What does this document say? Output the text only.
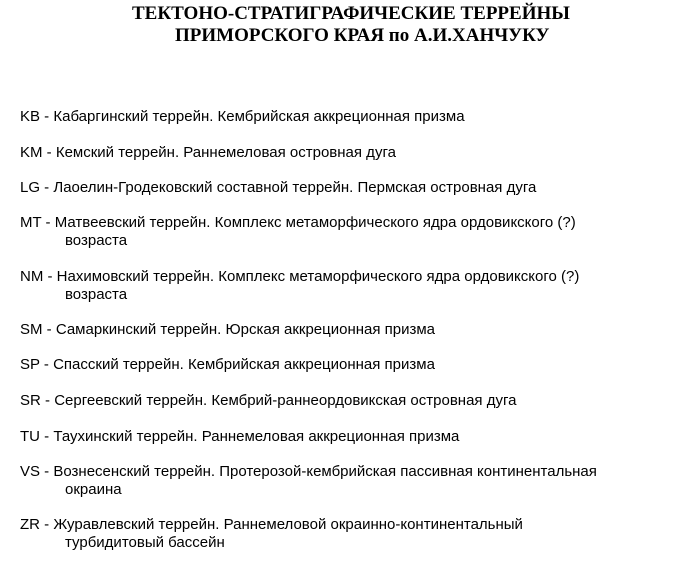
ТЕКТОНО-СТРАТИГРАФИЧЕСКИЕ ТЕРРЕЙНЫ
ПРИМОРСКОГО КРАЯ по А.И.ХАНЧУКУ
KB - Кабаргинский террейн. Кембрийская аккреционная призма
KM - Кемский террейн. Раннемеловая островная дуга
LG - Лаоелин-Гродековский составной террейн. Пермская островная дуга
MT - Матвеевский террейн. Комплекс метаморфического ядра ордовикского (?)
возраста
NM - Нахимовский террейн. Комплекс метаморфического ядра ордовикского (?)
возраста
SM - Самаркинский террейн. Юрская аккреционная призма
SP - Спасский террейн. Кембрийская аккреционная призма
SR - Сергеевский террейн. Кембрий-раннеордовикская островная дуга
TU - Таухинский террейн. Раннемеловая аккреционная призма
VS - Вознесенский террейн. Протерозой-кембрийская пассивная континентальная
окраина
ZR - Журавлевский террейн. Раннемеловой окраинно-континентальный
турбидитовый бассейн
